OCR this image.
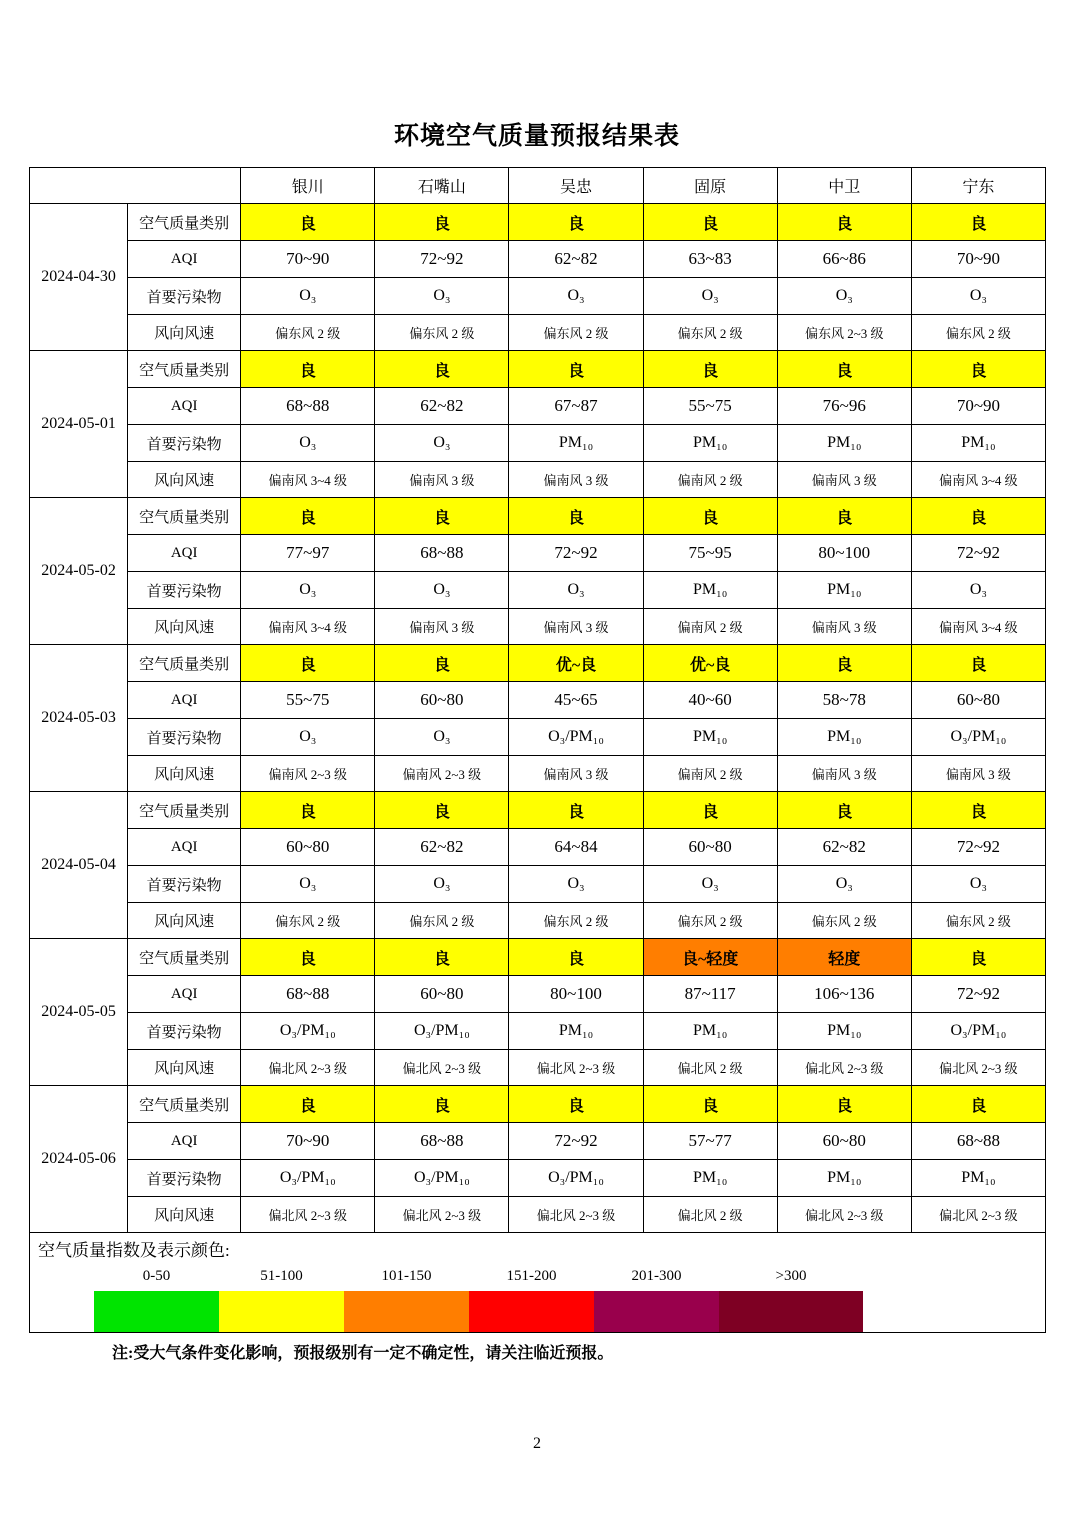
环境空气质量预报结果表
		银川	石嘴山	吴忠	固原	中卫	宁东
2024-04-30	空气质量类别	良	良	良	良	良	良
	AQI	70~90	72~92	62~82	63~83	66~86	70~90
	首要污染物	O₃	O₃	O₃	O₃	O₃	O₃
	风向风速	偏东风 2 级	偏东风 2 级	偏东风 2 级	偏东风 2 级	偏东风 2~3 级	偏东风 2 级
2024-05-01	空气质量类别	良	良	良	良	良	良
	AQI	68~88	62~82	67~87	55~75	76~96	70~90
	首要污染物	O₃	O₃	PM₁₀	PM₁₀	PM₁₀	PM₁₀
	风向风速	偏南风 3~4 级	偏南风 3 级	偏南风 3 级	偏南风 2 级	偏南风 3 级	偏南风 3~4 级
2024-05-02	空气质量类别	良	良	良	良	良	良
	AQI	77~97	68~88	72~92	75~95	80~100	72~92
	首要污染物	O₃	O₃	O₃	PM₁₀	PM₁₀	O₃
	风向风速	偏南风 3~4 级	偏南风 3 级	偏南风 3 级	偏南风 2 级	偏南风 3 级	偏南风 3~4 级
2024-05-03	空气质量类别	良	良	优~良	优~良	良	良
	AQI	55~75	60~80	45~65	40~60	58~78	60~80
	首要污染物	O₃	O₃	O₃/PM₁₀	PM₁₀	PM₁₀	O₃/PM₁₀
	风向风速	偏南风 2~3 级	偏南风 2~3 级	偏南风 3 级	偏南风 2 级	偏南风 3 级	偏南风 3 级
2024-05-04	空气质量类别	良	良	良	良	良	良
	AQI	60~80	62~82	64~84	60~80	62~82	72~92
	首要污染物	O₃	O₃	O₃	O₃	O₃	O₃
	风向风速	偏东风 2 级	偏东风 2 级	偏东风 2 级	偏东风 2 级	偏东风 2 级	偏东风 2 级
2024-05-05	空气质量类别	良	良	良	良~轻度	轻度	良
	AQI	68~88	60~80	80~100	87~117	106~136	72~92
	首要污染物	O₃/PM₁₀	O₃/PM₁₀	PM₁₀	PM₁₀	PM₁₀	O₃/PM₁₀
	风向风速	偏北风 2~3 级	偏北风 2~3 级	偏北风 2~3 级	偏北风 2 级	偏北风 2~3 级	偏北风 2~3 级
2024-05-06	空气质量类别	良	良	良	良	良	良
	AQI	70~90	68~88	72~92	57~77	60~80	68~88
	首要污染物	O₃/PM₁₀	O₃/PM₁₀	O₃/PM₁₀	PM₁₀	PM₁₀	PM₁₀
	风向风速	偏北风 2~3 级	偏北风 2~3 级	偏北风 2~3 级	偏北风 2 级	偏北风 2~3 级	偏北风 2~3 级
空气质量指数及表示颜色:
0-50	51-100	101-150	151-200	201-300	>300
注:受大气条件变化影响，预报级别有一定不确定性，请关注临近预报。
2
